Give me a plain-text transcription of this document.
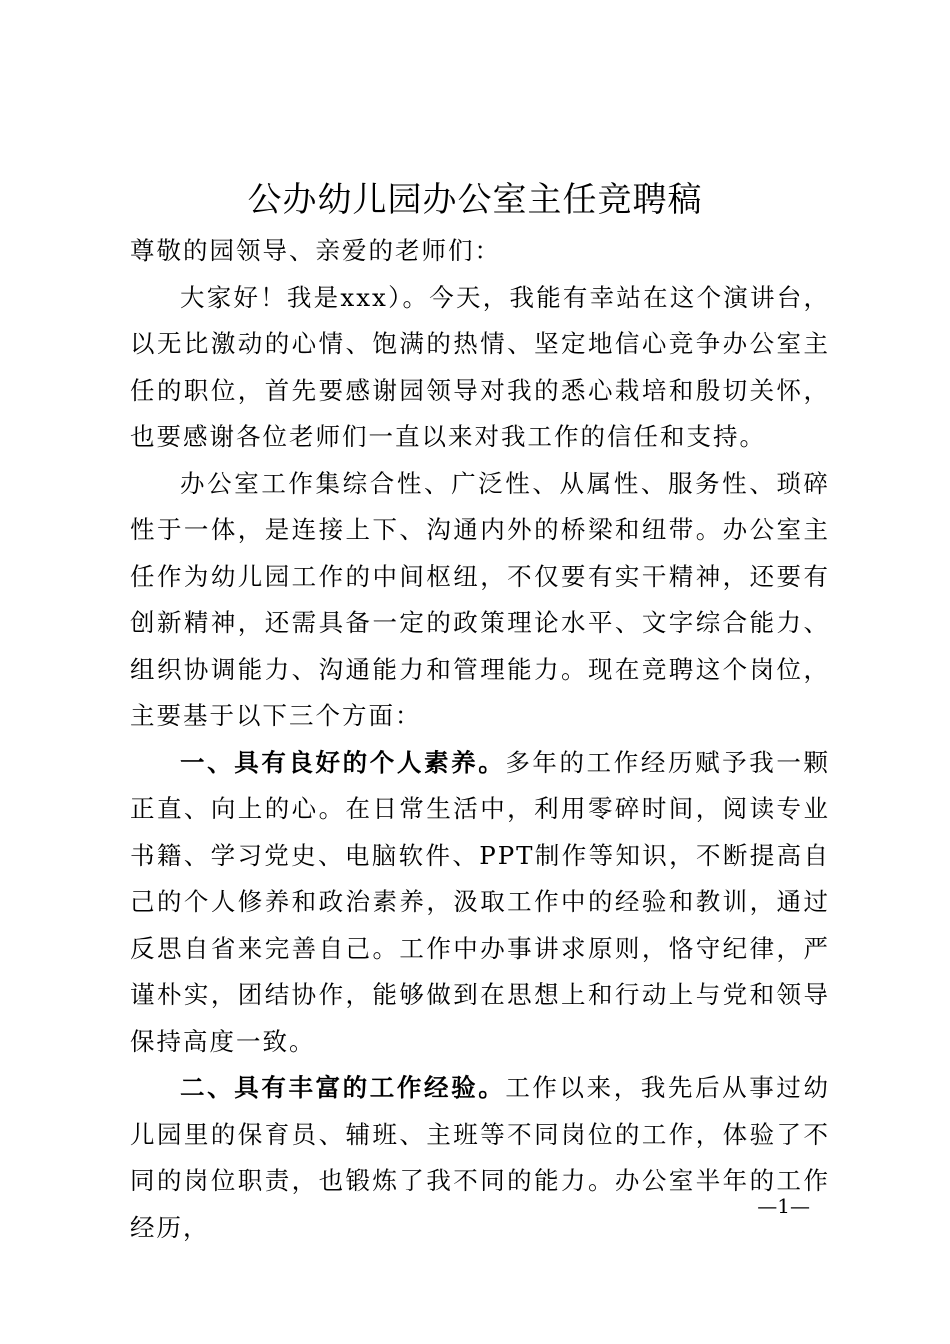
公办幼儿园办公室主任竞聘稿

尊敬的园领导、亲爱的老师们：

大家好！我是xxx）。今天，我能有幸站在这个演讲台，以无比激动的心情、饱满的热情、坚定地信心竞争办公室主任的职位，首先要感谢园领导对我的悉心栽培和殷切关怀，也要感谢各位老师们一直以来对我工作的信任和支持。

办公室工作集综合性、广泛性、从属性、服务性、琐碎性于一体，是连接上下、沟通内外的桥梁和纽带。办公室主任作为幼儿园工作的中间枢纽，不仅要有实干精神，还要有创新精神，还需具备一定的政策理论水平、文字综合能力、组织协调能力、沟通能力和管理能力。现在竞聘这个岗位，主要基于以下三个方面：

一、具有良好的个人素养。多年的工作经历赋予我一颗正直、向上的心。在日常生活中，利用零碎时间，阅读专业书籍、学习党史、电脑软件、PPT制作等知识，不断提高自己的个人修养和政治素养，汲取工作中的经验和教训，通过反思自省来完善自己。工作中办事讲求原则，恪守纪律，严谨朴实，团结协作，能够做到在思想上和行动上与党和领导保持高度一致。

二、具有丰富的工作经验。工作以来，我先后从事过幼儿园里的保育员、辅班、主班等不同岗位的工作，体验了不同的岗位职责，也锻炼了我不同的能力。办公室半年的工作经历，

—1—
